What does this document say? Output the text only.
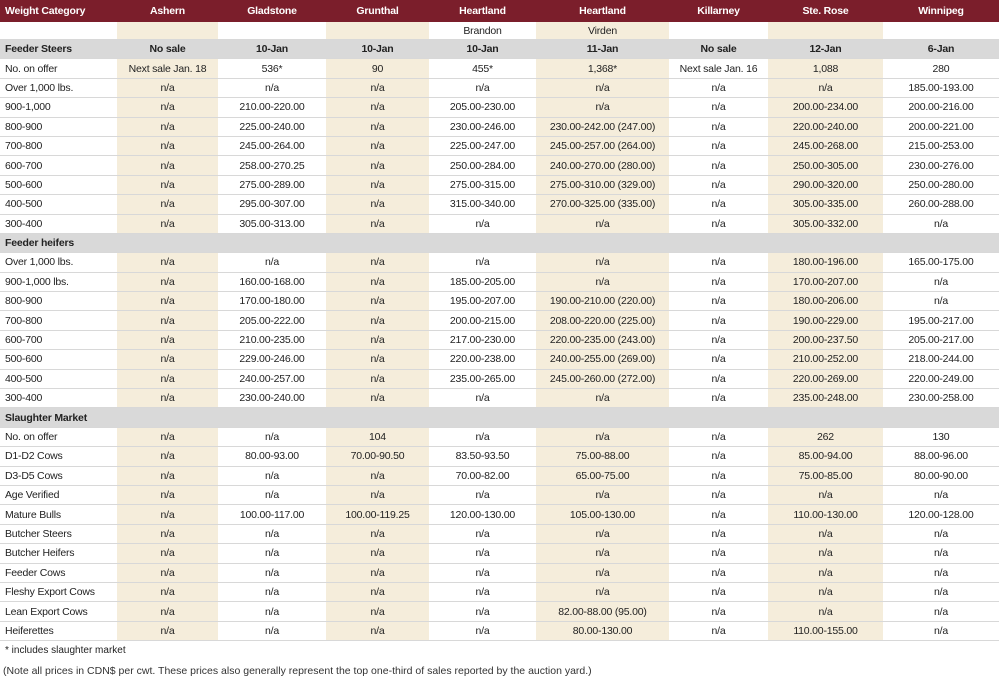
Weight Category	Ashern	Gladstone	Grunthal	Heartland	Heartland	Killarney	Ste. Rose	Winnipeg
				Brandon	Virden			
Feeder Steers	No sale	10-Jan	10-Jan	10-Jan	11-Jan	No sale	12-Jan	6-Jan
No. on offer	Next sale Jan. 18	536*	90	455*	1,368*	Next sale Jan. 16	1,088	280
Over 1,000 lbs.	n/a	n/a	n/a	n/a	n/a	n/a	n/a	185.00-193.00
900-1,000	n/a	210.00-220.00	n/a	205.00-230.00	n/a	n/a	200.00-234.00	200.00-216.00
800-900	n/a	225.00-240.00	n/a	230.00-246.00	230.00-242.00 (247.00)	n/a	220.00-240.00	200.00-221.00
700-800	n/a	245.00-264.00	n/a	225.00-247.00	245.00-257.00 (264.00)	n/a	245.00-268.00	215.00-253.00
600-700	n/a	258.00-270.25	n/a	250.00-284.00	240.00-270.00 (280.00)	n/a	250.00-305.00	230.00-276.00
500-600	n/a	275.00-289.00	n/a	275.00-315.00	275.00-310.00 (329.00)	n/a	290.00-320.00	250.00-280.00
400-500	n/a	295.00-307.00	n/a	315.00-340.00	270.00-325.00 (335.00)	n/a	305.00-335.00	260.00-288.00
300-400	n/a	305.00-313.00	n/a	n/a	n/a	n/a	305.00-332.00	n/a
Feeder heifers								
Over 1,000 lbs.	n/a	n/a	n/a	n/a	n/a	n/a	180.00-196.00	165.00-175.00
900-1,000 lbs.	n/a	160.00-168.00	n/a	185.00-205.00	n/a	n/a	170.00-207.00	n/a
800-900	n/a	170.00-180.00	n/a	195.00-207.00	190.00-210.00 (220.00)	n/a	180.00-206.00	n/a
700-800	n/a	205.00-222.00	n/a	200.00-215.00	208.00-220.00 (225.00)	n/a	190.00-229.00	195.00-217.00
600-700	n/a	210.00-235.00	n/a	217.00-230.00	220.00-235.00 (243.00)	n/a	200.00-237.50	205.00-217.00
500-600	n/a	229.00-246.00	n/a	220.00-238.00	240.00-255.00 (269.00)	n/a	210.00-252.00	218.00-244.00
400-500	n/a	240.00-257.00	n/a	235.00-265.00	245.00-260.00 (272.00)	n/a	220.00-269.00	220.00-249.00
300-400	n/a	230.00-240.00	n/a	n/a	n/a	n/a	235.00-248.00	230.00-258.00
Slaughter Market								
No. on offer	n/a	n/a	104	n/a	n/a	n/a	262	130
D1-D2 Cows	n/a	80.00-93.00	70.00-90.50	83.50-93.50	75.00-88.00	n/a	85.00-94.00	88.00-96.00
D3-D5 Cows	n/a	n/a	n/a	70.00-82.00	65.00-75.00	n/a	75.00-85.00	80.00-90.00
Age Verified	n/a	n/a	n/a	n/a	n/a	n/a	n/a	n/a
Mature Bulls	n/a	100.00-117.00	100.00-119.25	120.00-130.00	105.00-130.00	n/a	110.00-130.00	120.00-128.00
Butcher Steers	n/a	n/a	n/a	n/a	n/a	n/a	n/a	n/a
Butcher Heifers	n/a	n/a	n/a	n/a	n/a	n/a	n/a	n/a
Feeder Cows	n/a	n/a	n/a	n/a	n/a	n/a	n/a	n/a
Fleshy Export Cows	n/a	n/a	n/a	n/a	n/a	n/a	n/a	n/a
Lean Export Cows	n/a	n/a	n/a	n/a	82.00-88.00 (95.00)	n/a	n/a	n/a
Heiferettes	n/a	n/a	n/a	n/a	80.00-130.00	n/a	110.00-155.00	n/a
* includes slaughter market
(Note all prices in CDN$ per cwt. These prices also generally represent the top one-third of sales reported by the auction yard.)
